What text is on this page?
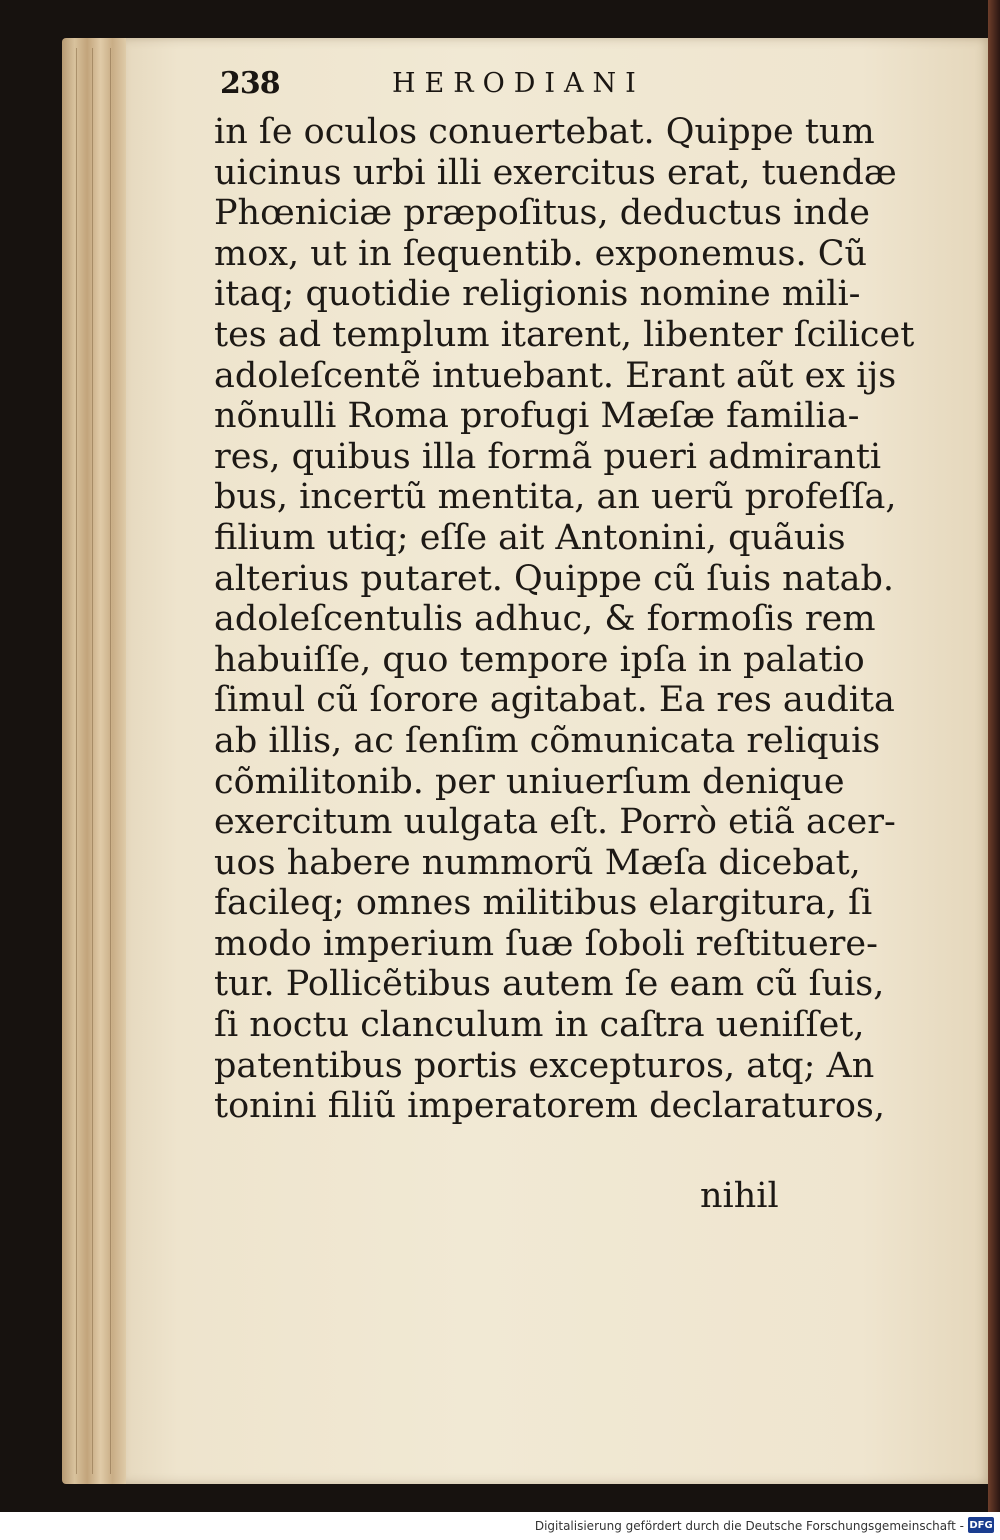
238	HERODIANI
in ſe oculos conuertebat. Quippe tum
uicinus urbi illi exercitus erat, tuendæ
Phœniciæ præpoſitus, deductus inde
mox, ut in ſequentib. exponemus. Cũ
itaq; quotidie religionis nomine mili-
tes ad templum itarent, libenter ſcilicet
adoleſcentẽ intuebant. Erant aũt ex ijs
nõnulli Roma profugi Mæſæ familia-
res, quibus illa formã pueri admiranti
bus, incertũ mentita, an uerũ profeſſa,
filium utiq; eſſe ait Antonini, quãuis
alterius putaret. Quippe cũ ſuis natab.
adoleſcentulis adhuc, & formoſis rem
habuiſſe, quo tempore ipſa in palatio
ſimul cũ ſorore agitabat. Ea res audita
ab illis, ac ſenſim cõmunicata reliquis
cõmilitonib. per uniuerſum denique
exercitum uulgata eſt. Porrò etiã acer-
uos habere nummorũ Mæſa dicebat,
facileq; omnes militibus elargitura, ſi
modo imperium ſuæ ſoboli reſtituere-
tur. Pollicẽtibus autem ſe eam cũ ſuis,
ſi noctu clanculum in caſtra ueniſſet,
patentibus portis excepturos, atq; An
tonini filiũ imperatorem declaraturos,
nihil
Digitalisierung gefördert durch die Deutsche Forschungsgemeinschaft - DFG
